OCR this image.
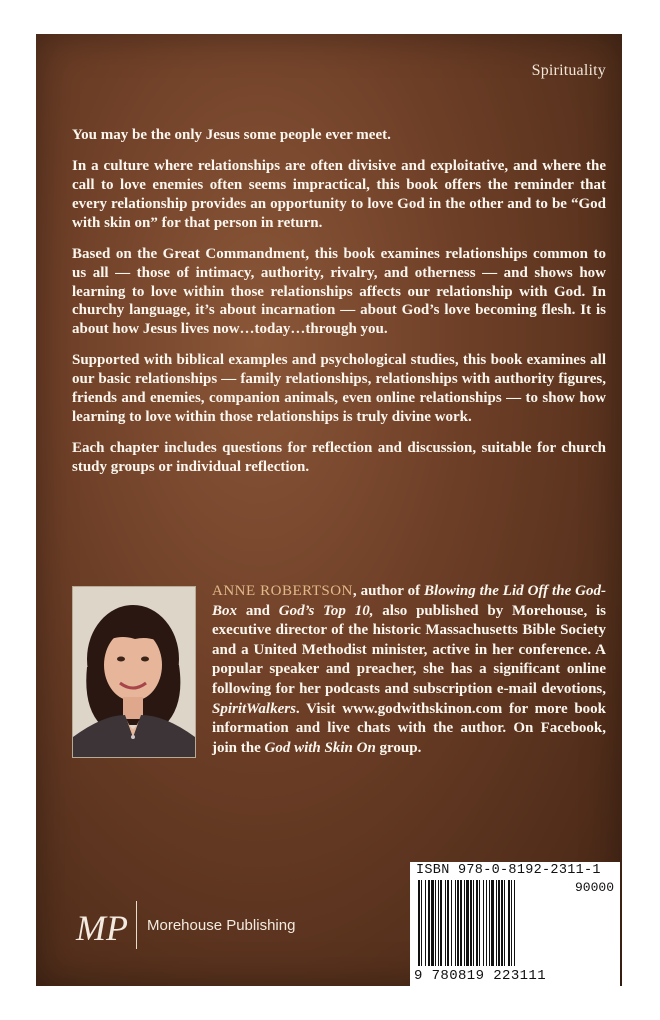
Spirituality

You may be the only Jesus some people ever meet.

In a culture where relationships are often divisive and exploitative, and where the call to love enemies often seems impractical, this book offers the reminder that every relationship provides an opportunity to love God in the other and to be “God with skin on” for that person in return.

Based on the Great Commandment, this book examines relationships common to us all — those of intimacy, authority, rivalry, and otherness — and shows how learning to love within those relationships affects our relationship with God. In churchy language, it’s about incarnation — about God’s love becoming flesh. It is about how Jesus lives now…today…through you.

Supported with biblical examples and psychological studies, this book examines all our basic relationships — family relationships, relationships with authority figures, friends and enemies, companion animals, even online relationships — to show how learning to love within those relationships is truly divine work.

Each chapter includes questions for reflection and discussion, suitable for church study groups or individual reflection.

ANNE ROBERTSON, author of Blowing the Lid Off the God-Box and God’s Top 10, also published by Morehouse, is executive director of the historic Massachusetts Bible Society and a United Methodist minister, active in her conference. A popular speaker and preacher, she has a significant online following for her podcasts and subscription e-mail devotions, SpiritWalkers. Visit www.godwithskinon.com for more book information and live chats with the author. On Facebook, join the God with Skin On group.
MP Morehouse Publishing
ISBN 978-0-8192-2311-1
90000
9 780819 223111
